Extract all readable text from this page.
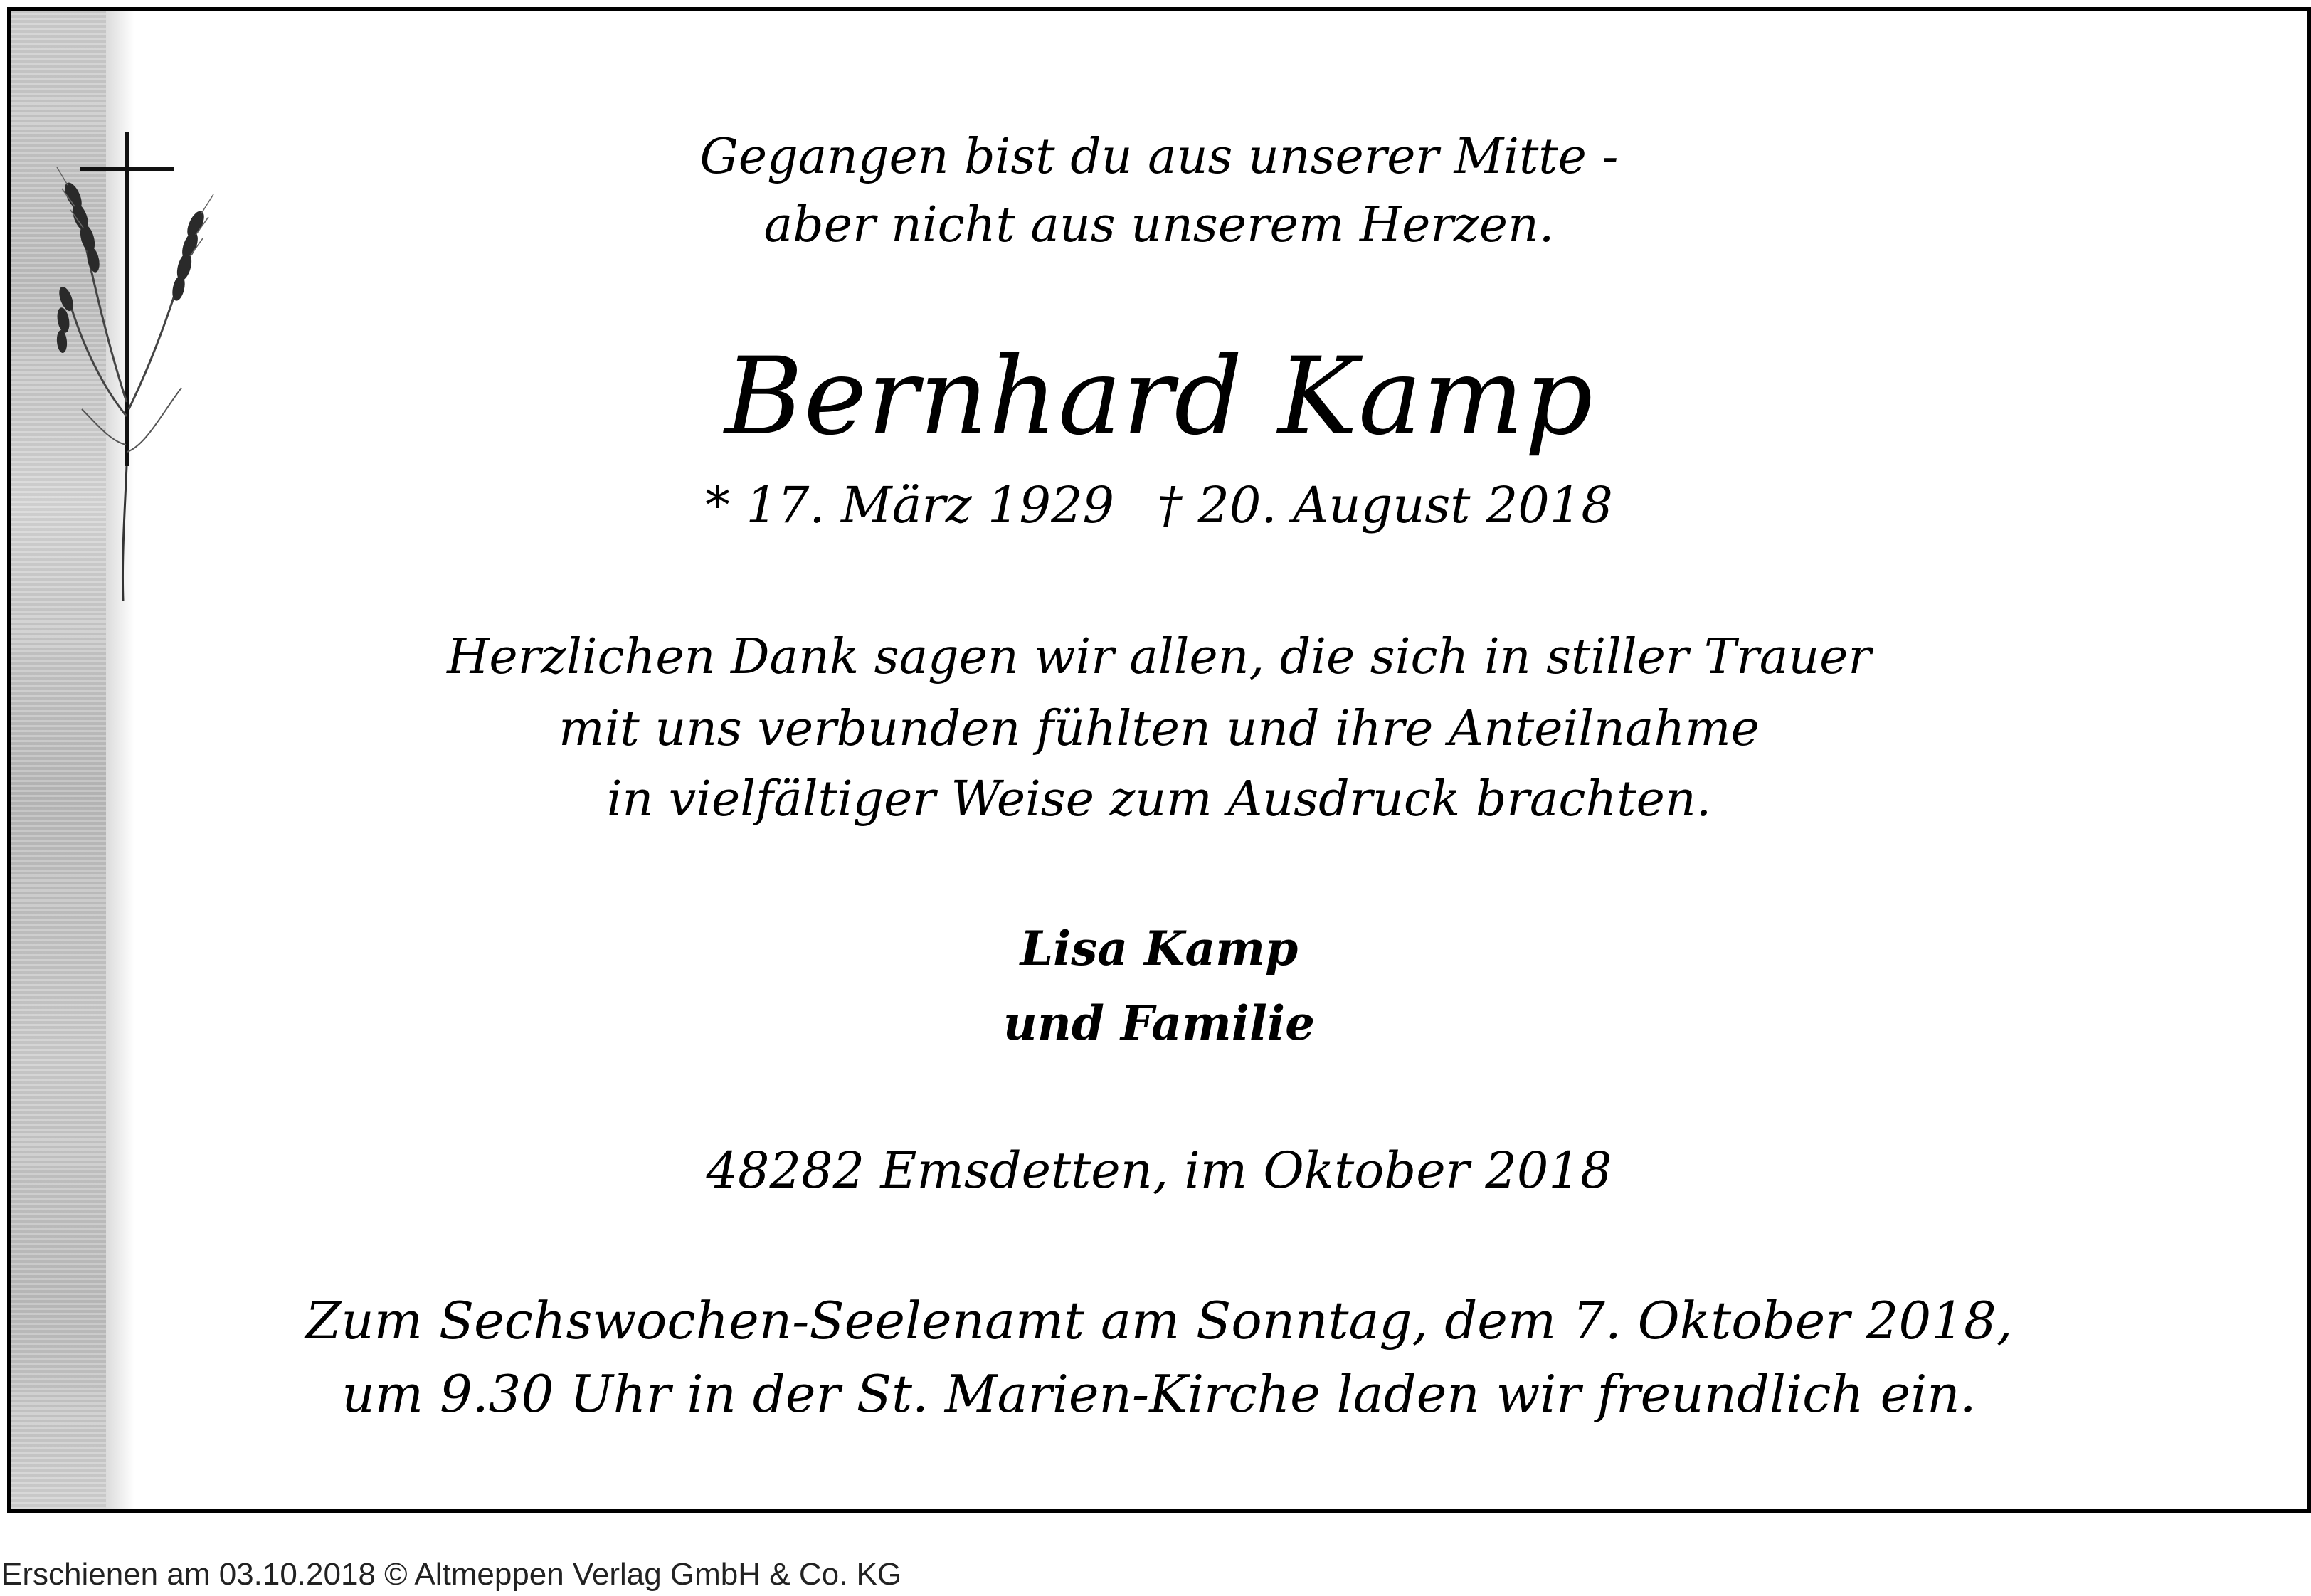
Gegangen bist du aus unserer Mitte -
aber nicht aus unserem Herzen.
Bernhard Kamp
* 17. März 1929 † 20. August 2018
Herzlichen Dank sagen wir allen, die sich in stiller Trauer
mit uns verbunden fühlten und ihre Anteilnahme
in vielfältiger Weise zum Ausdruck brachten.
Lisa Kamp
und Familie
48282 Emsdetten, im Oktober 2018
Zum Sechswochen-Seelenamt am Sonntag, dem 7. Oktober 2018,
um 9.30 Uhr in der St. Marien-Kirche laden wir freundlich ein.
Erschienen am 03.10.2018 © Altmeppen Verlag GmbH & Co. KG
